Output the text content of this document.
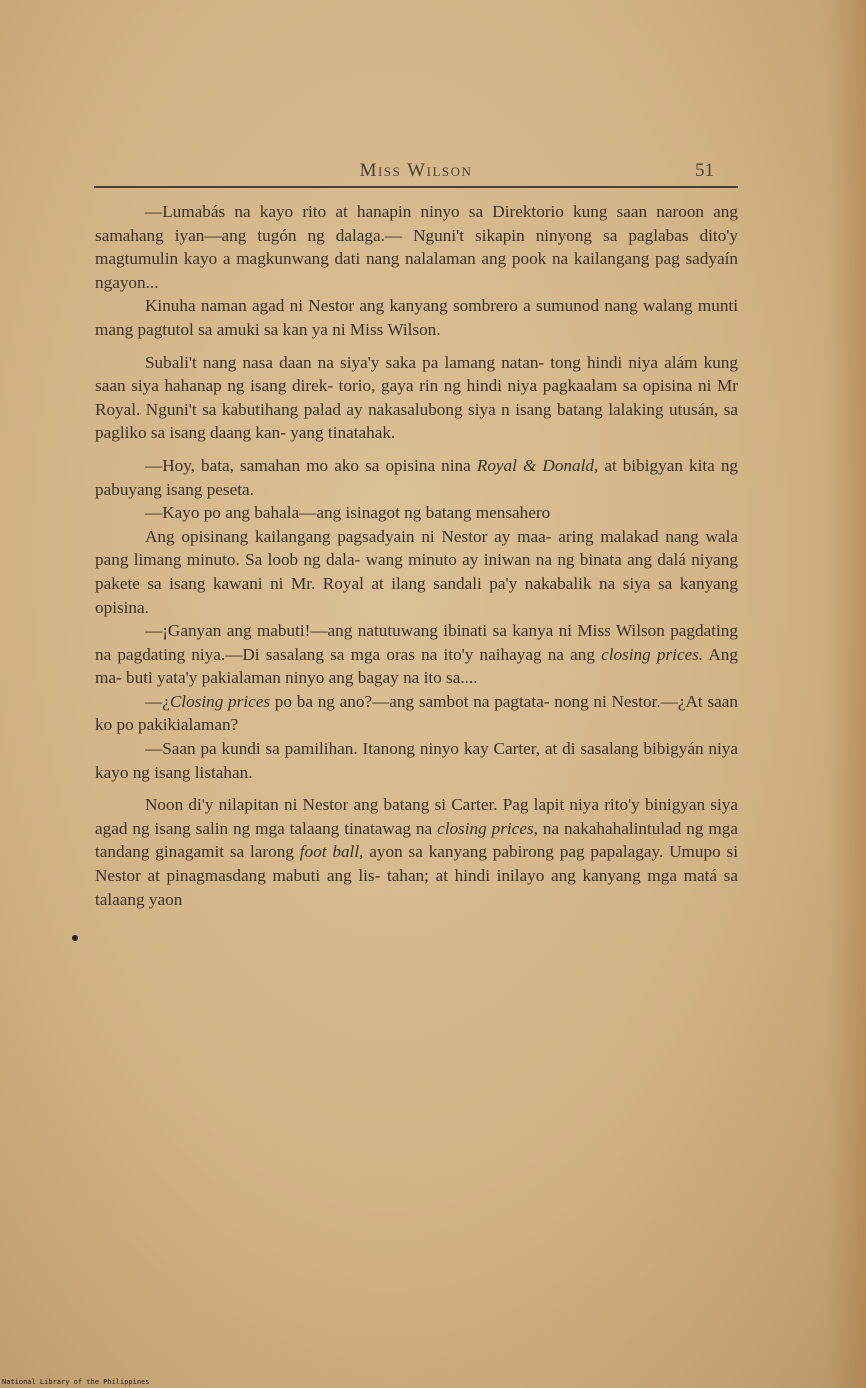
Miss Wilson	51

—Lumabás na kayo rito at hanapin ninyo sa Direktorio kung saan naroon ang samahang iyan—ang tugón ng dalaga.— Nguni't sikapin ninyong sa paglabas dito'y magtumulin kayo a magkunwang dati nang nalalaman ang pook na kailangang pag sadyaín ngayon...

Kinuha naman agad ni Nestor ang kanyang sombrero a sumunod nang walang munti mang pagtutol sa amuki sa kan ya ni Miss Wilson.

Subali't nang nasa daan na siya'y saka pa lamang natan- tong hindi niya alám kung saan siya hahanap ng isang direk- torio, gaya rin ng hindi niya pagkaalam sa opisina ni Mr Royal. Nguni't sa kabutihang palad ay nakasalubong siya n isang batang lalaking utusán, sa pagliko sa isang daang kan- yang tinatahak.

—Hoy, bata, samahan mo ako sa opisina nina Royal & Donald, at bibigyan kita ng pabuyang isang peseta.

—Kayo po ang bahala—ang isinagot ng batang mensahero

Ang opisinang kailangang pagsadyain ni Nestor ay maa- aring malakad nang wala pang limang minuto. Sa loob ng dala- wang minuto ay iniwan na ng binata ang dalá niyang pakete sa isang kawani ni Mr. Royal at ilang sandali pa'y nakabalik na siya sa kanyang opisina.

—¡Ganyan ang mabuti!—ang natutuwang ibinati sa kanya ni Miss Wilson pagdating na pagdating niya.—Di sasalang sa mga oras na ito'y naihayag na ang closing prices. Ang ma- buti yata'y pakialaman ninyo ang bagay na ito sa....

—¿Closing prices po ba ng ano?—ang sambot na pagtata- nong ni Nestor.—¿At saan ko po pakikialaman?

—Saan pa kundi sa pamilihan. Itanong ninyo kay Carter, at di sasalang bibigyán niya kayo ng isang listahan.

Noon di'y nilapitan ni Nestor ang batang si Carter. Pag lapit niya rito'y binigyan siya agad ng isang salin ng mga talaang tinatawag na closing prices, na nakahahalintulad ng mga tandang ginagamit sa larong foot ball, ayon sa kanyang pabirong pag papalagay. Umupo si Nestor at pinagmasdang mabuti ang lis- tahan; at hindi inilayo ang kanyang mga matá sa talaang yaon

National Library of the Philippines
